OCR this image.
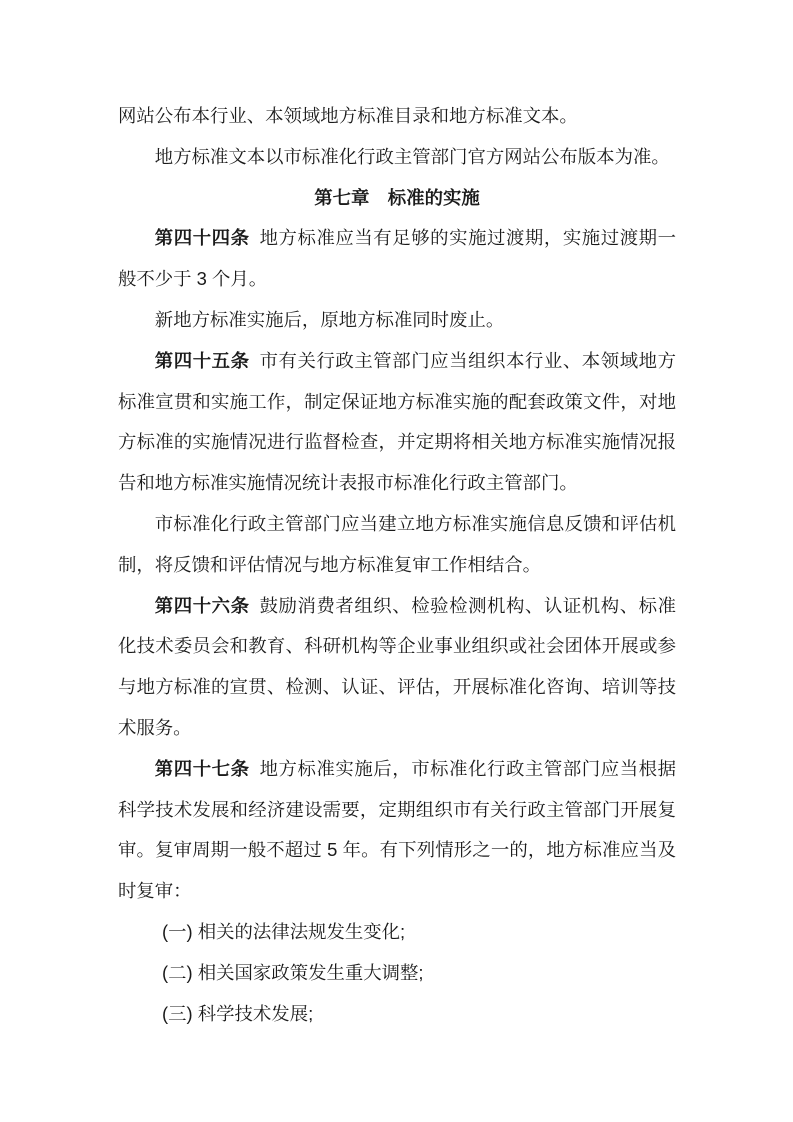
网站公布本行业、本领域地方标准目录和地方标准文本。

地方标准文本以市标准化行政主管部门官方网站公布版本为准。

第七章　标准的实施

第四十四条 地方标准应当有足够的实施过渡期，实施过渡期一般不少于 3 个月。

新地方标准实施后，原地方标准同时废止。

第四十五条 市有关行政主管部门应当组织本行业、本领域地方标准宣贯和实施工作，制定保证地方标准实施的配套政策文件，对地方标准的实施情况进行监督检查，并定期将相关地方标准实施情况报告和地方标准实施情况统计表报市标准化行政主管部门。

市标准化行政主管部门应当建立地方标准实施信息反馈和评估机制，将反馈和评估情况与地方标准复审工作相结合。

第四十六条 鼓励消费者组织、检验检测机构、认证机构、标准化技术委员会和教育、科研机构等企业事业组织或社会团体开展或参与地方标准的宣贯、检测、认证、评估，开展标准化咨询、培训等技术服务。

第四十七条 地方标准实施后，市标准化行政主管部门应当根据科学技术发展和经济建设需要，定期组织市有关行政主管部门开展复审。复审周期一般不超过 5 年。有下列情形之一的，地方标准应当及时复审：

(一) 相关的法律法规发生变化;

(二) 相关国家政策发生重大调整;

(三) 科学技术发展;
